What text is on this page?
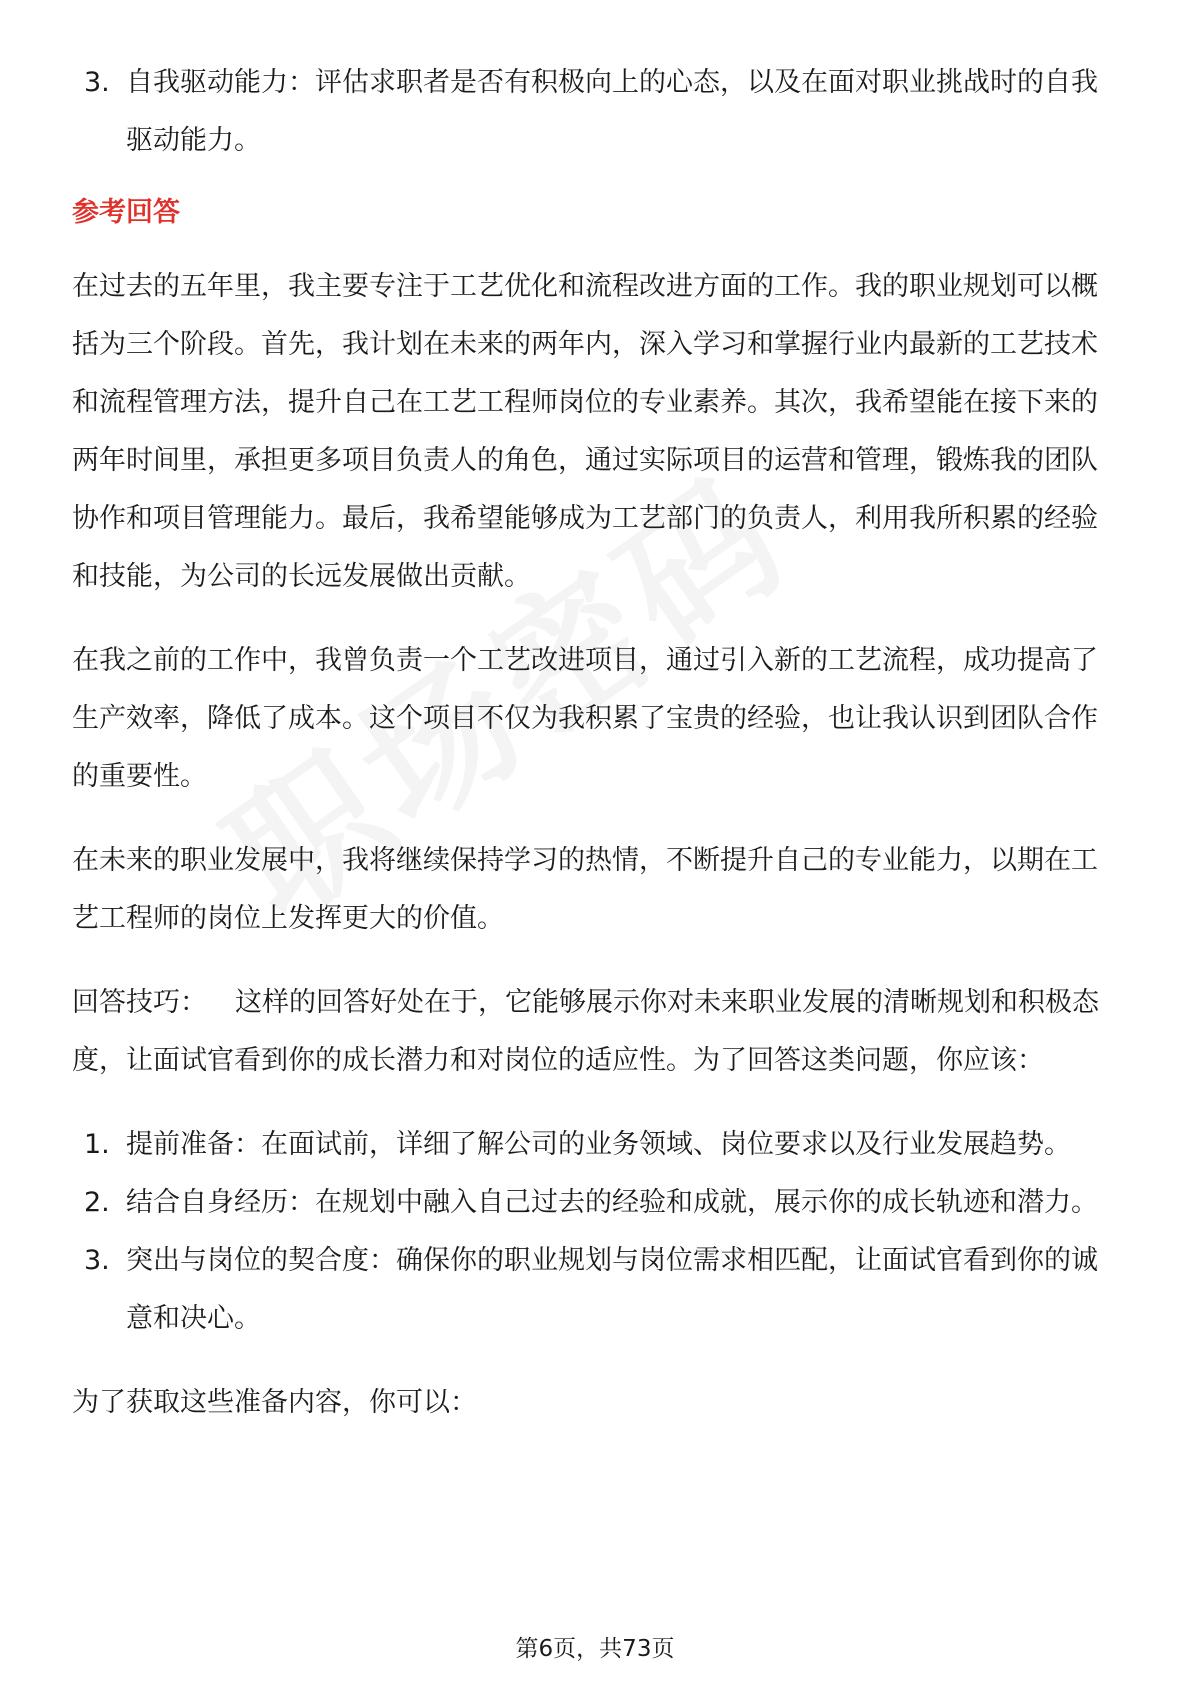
3. 自我驱动能力：评估求职者是否有积极向上的心态，以及在面对职业挑战时的自我驱动能力。
参考回答

在过去的五年里，我主要专注于工艺优化和流程改进方面的工作。我的职业规划可以概括为三个阶段。首先，我计划在未来的两年内，深入学习和掌握行业内最新的工艺技术和流程管理方法，提升自己在工艺工程师岗位的专业素养。其次，我希望能在接下来的两年时间里，承担更多项目负责人的角色，通过实际项目的运营和管理，锻炼我的团队协作和项目管理能力。最后，我希望能够成为工艺部门的负责人，利用我所积累的经验和技能，为公司的长远发展做出贡献。

在我之前的工作中，我曾负责一个工艺改进项目，通过引入新的工艺流程，成功提高了生产效率，降低了成本。这个项目不仅为我积累了宝贵的经验，也让我认识到团队合作的重要性。

在未来的职业发展中，我将继续保持学习的热情，不断提升自己的专业能力，以期在工艺工程师的岗位上发挥更大的价值。

回答技巧： 这样的回答好处在于，它能够展示你对未来职业发展的清晰规划和积极态度，让面试官看到你的成长潜力和对岗位的适应性。为了回答这类问题，你应该：

1. 提前准备：在面试前，详细了解公司的业务领域、岗位要求以及行业发展趋势。
2. 结合自身经历：在规划中融入自己过去的经验和成就，展示你的成长轨迹和潜力。
3. 突出与岗位的契合度：确保你的职业规划与岗位需求相匹配，让面试官看到你的诚意和决心。

为了获取这些准备内容，你可以：

第6页，共73页
